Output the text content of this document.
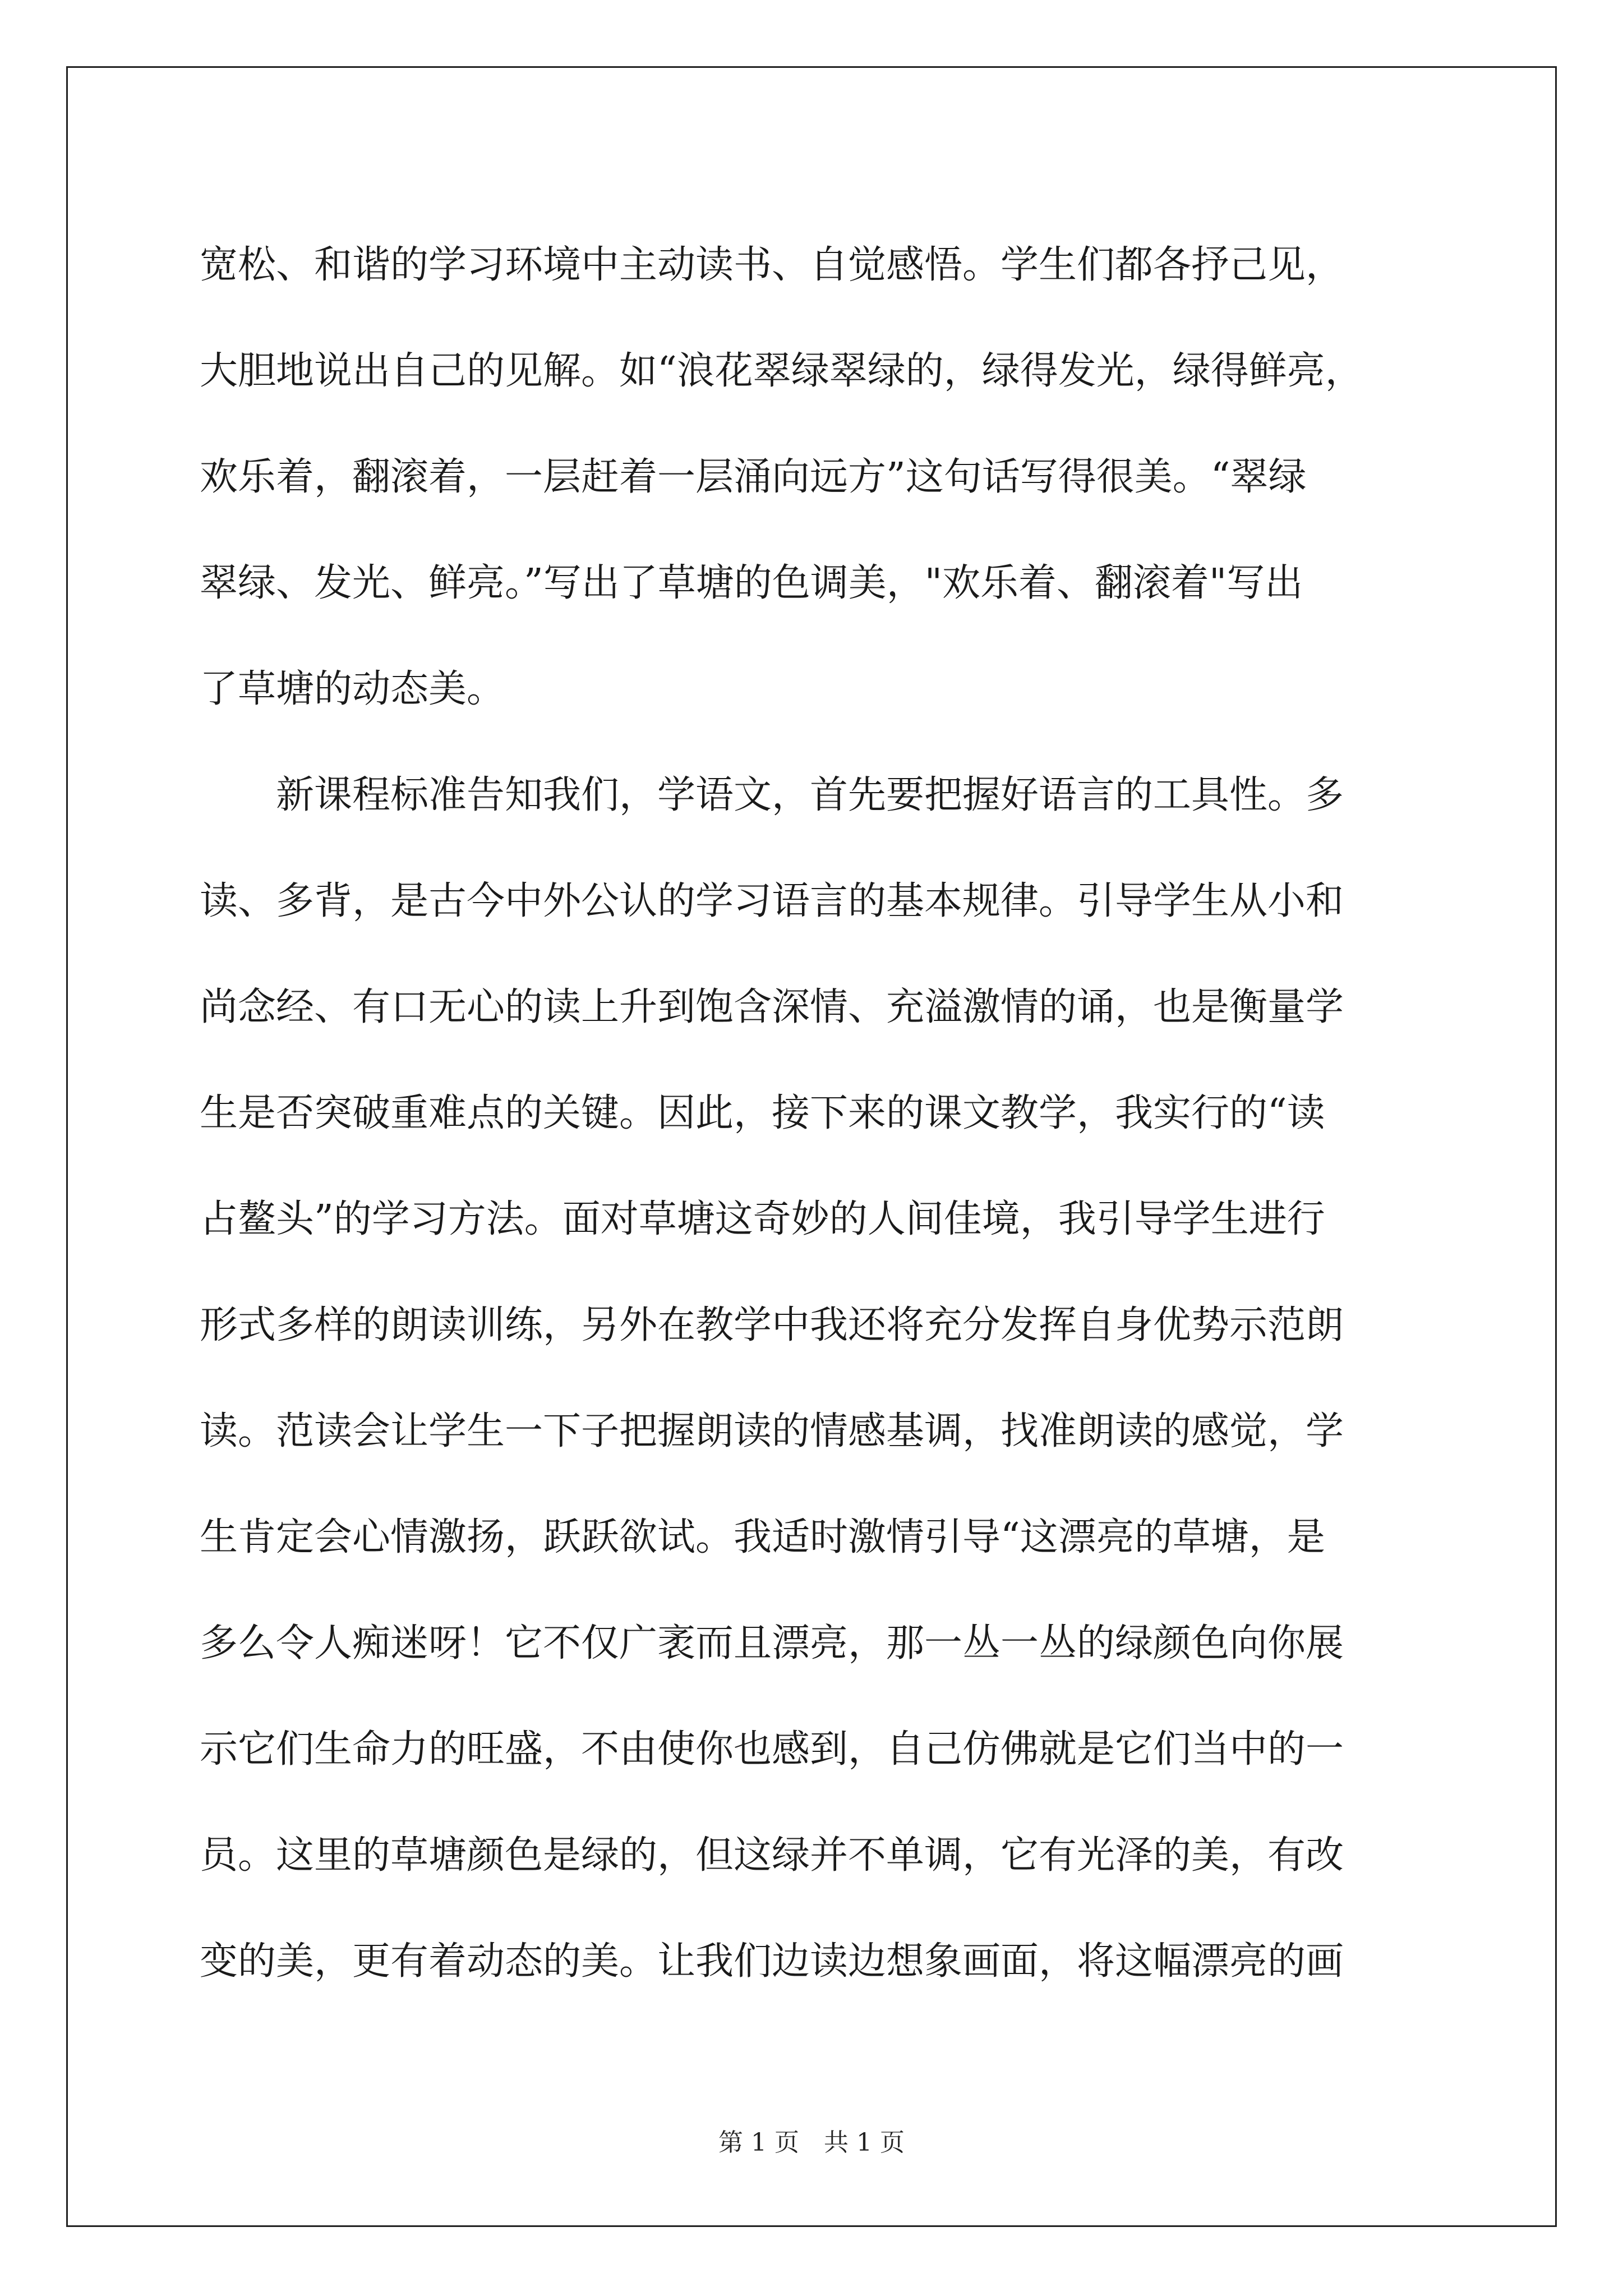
宽松、和谐的学习环境中主动读书、自觉感悟。学生们都各抒己见，
大胆地说出自己的见解。如“浪花翠绿翠绿的，绿得发光，绿得鲜亮，
欢乐着，翻滚着，一层赶着一层涌向远方”这句话写得很美。“翠绿
翠绿、发光、鲜亮。”写出了草塘的色调美，"欢乐着、翻滚着"写出
了草塘的动态美。
　　新课程标准告知我们，学语文，首先要把握好语言的工具性。多
读、多背，是古今中外公认的学习语言的基本规律。引导学生从小和
尚念经、有口无心的读上升到饱含深情、充溢激情的诵，也是衡量学
生是否突破重难点的关键。因此，接下来的课文教学，我实行的“读
占鳌头”的学习方法。面对草塘这奇妙的人间佳境，我引导学生进行
形式多样的朗读训练，另外在教学中我还将充分发挥自身优势示范朗
读。范读会让学生一下子把握朗读的情感基调，找准朗读的感觉，学
生肯定会心情激扬，跃跃欲试。我适时激情引导“这漂亮的草塘，是
多么令人痴迷呀！它不仅广袤而且漂亮，那一丛一丛的绿颜色向你展
示它们生命力的旺盛，不由使你也感到，自己仿佛就是它们当中的一
员。这里的草塘颜色是绿的，但这绿并不单调，它有光泽的美，有改
变的美，更有着动态的美。让我们边读边想象画面，将这幅漂亮的画
第 1 页　共 1 页
